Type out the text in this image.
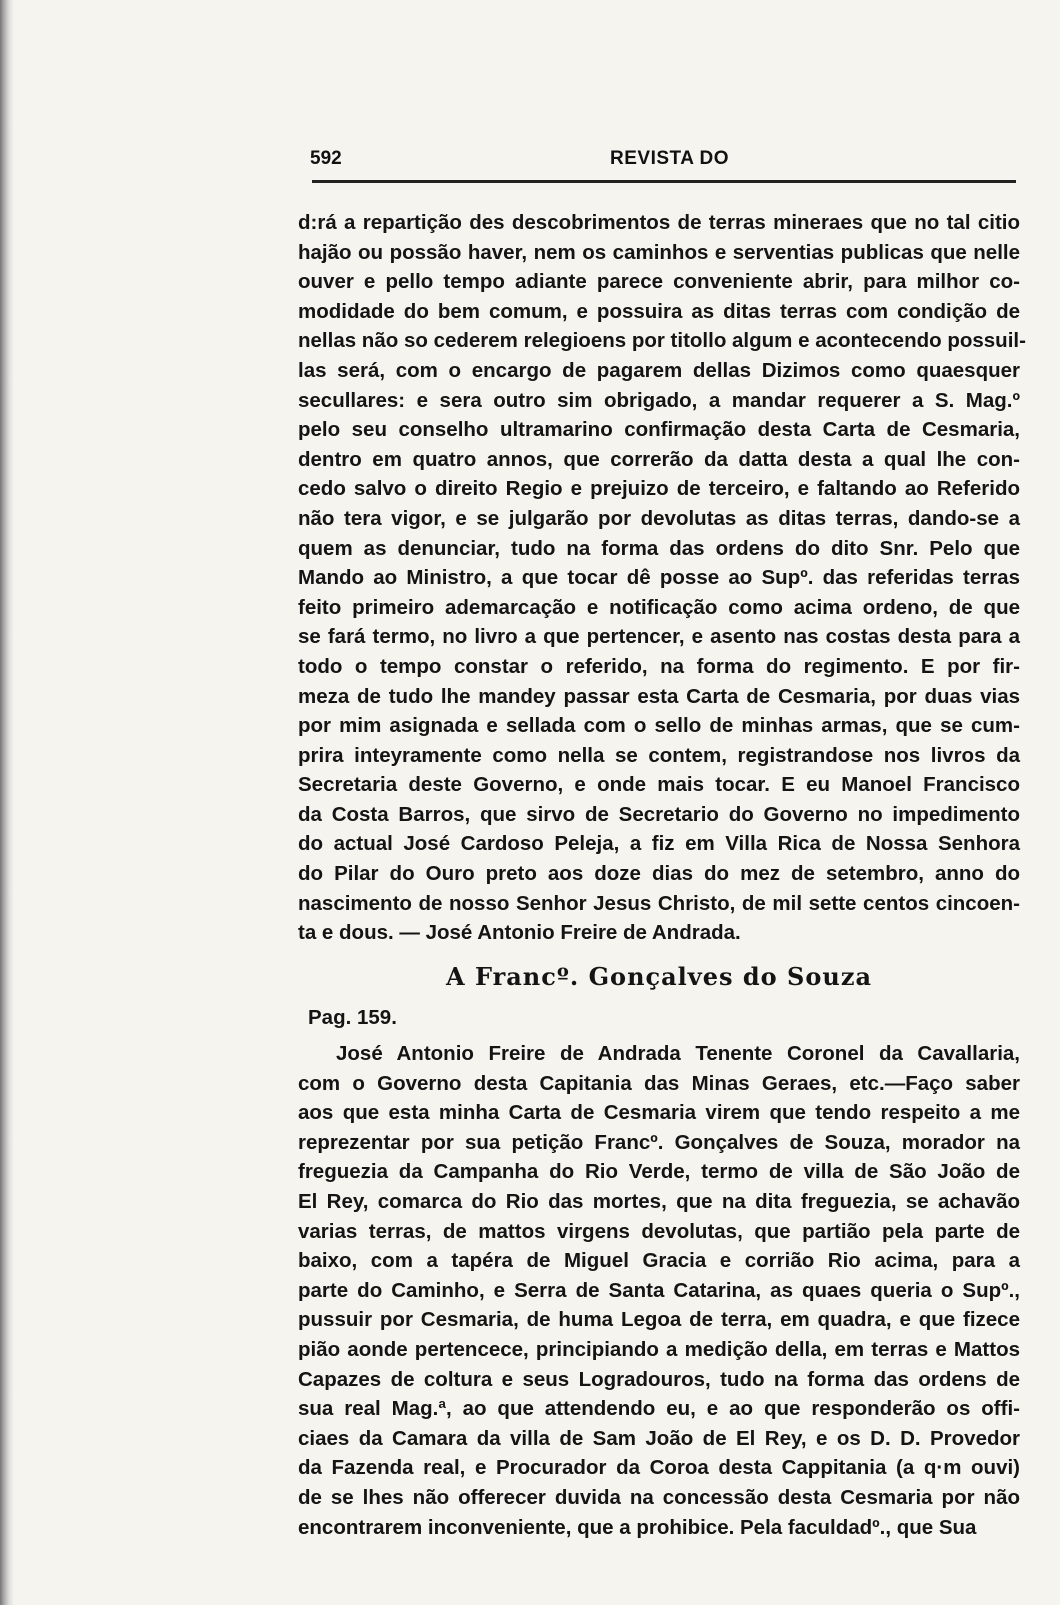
592	REVISTA DO
d:rá a repartição des descobrimentos de terras mineraes que no tal citio
hajão ou possão haver, nem os caminhos e serventias publicas que nelle
ouver e pello tempo adiante parece conveniente abrir, para milhor co-
modidade do bem comum, e possuira as ditas terras com condição de
nellas não so cederem relegioens por titollo algum e acontecendo possuil-
las será, com o encargo de pagarem dellas Dizimos como quaesquer
secullares: e sera outro sim obrigado, a mandar requerer a S. Mag.º
pelo seu conselho ultramarino confirmação desta Carta de Cesmaria,
dentro em quatro annos, que correrão da datta desta a qual lhe con-
cedo salvo o direito Regio e prejuizo de terceiro, e faltando ao Referido
não tera vigor, e se julgarão por devolutas as ditas terras, dando-se a
quem as denunciar, tudo na forma das ordens do dito Snr. Pelo que
Mando ao Ministro, a que tocar dê posse ao Supº. das referidas terras
feito primeiro ademarcação e notificação como acima ordeno, de que
se fará termo, no livro a que pertencer, e asento nas costas desta para a
todo o tempo constar o referido, na forma do regimento. E por fir-
meza de tudo lhe mandey passar esta Carta de Cesmaria, por duas vias
por mim asignada e sellada com o sello de minhas armas, que se cum-
prira inteyramente como nella se contem, registrandose nos livros da
Secretaria deste Governo, e onde mais tocar. E eu Manoel Francisco
da Costa Barros, que sirvo de Secretario do Governo no impedimento
do actual José Cardoso Peleja, a fiz em Villa Rica de Nossa Senhora
do Pilar do Ouro preto aos doze dias do mez de setembro, anno do
nascimento de nosso Senhor Jesus Christo, de mil sette centos cincoen-
ta e dous. — José Antonio Freire de Andrada.
A Francº. Gonçalves do Souza
Pag. 159.
José Antonio Freire de Andrada Tenente Coronel da Cavallaria,
com o Governo desta Capitania das Minas Geraes, etc.—Faço saber
aos que esta minha Carta de Cesmaria virem que tendo respeito a me
reprezentar por sua petição Francº. Gonçalves de Souza, morador na
freguezia da Campanha do Rio Verde, termo de villa de São João de
El Rey, comarca do Rio das mortes, que na dita freguezia, se achavão
varias terras, de mattos virgens devolutas, que partião pela parte de
baixo, com a tapéra de Miguel Gracia e corrião Rio acima, para a
parte do Caminho, e Serra de Santa Catarina, as quaes queria o Supº.,
pussuir por Cesmaria, de huma Legoa de terra, em quadra, e que fizece
pião aonde pertencece, principiando a medição della, em terras e Mattos
Capazes de coltura e seus Logradouros, tudo na forma das ordens de
sua real Mag.ª, ao que attendendo eu, e ao que responderão os offi-
ciaes da Camara da villa de Sam João de El Rey, e os D. D. Provedor
da Fazenda real, e Procurador da Coroa desta Cappitania (a q·m ouvi)
de se lhes não offerecer duvida na concessão desta Cesmaria por não
encontrarem inconveniente, que a prohibice. Pela faculdadº., que Sua
